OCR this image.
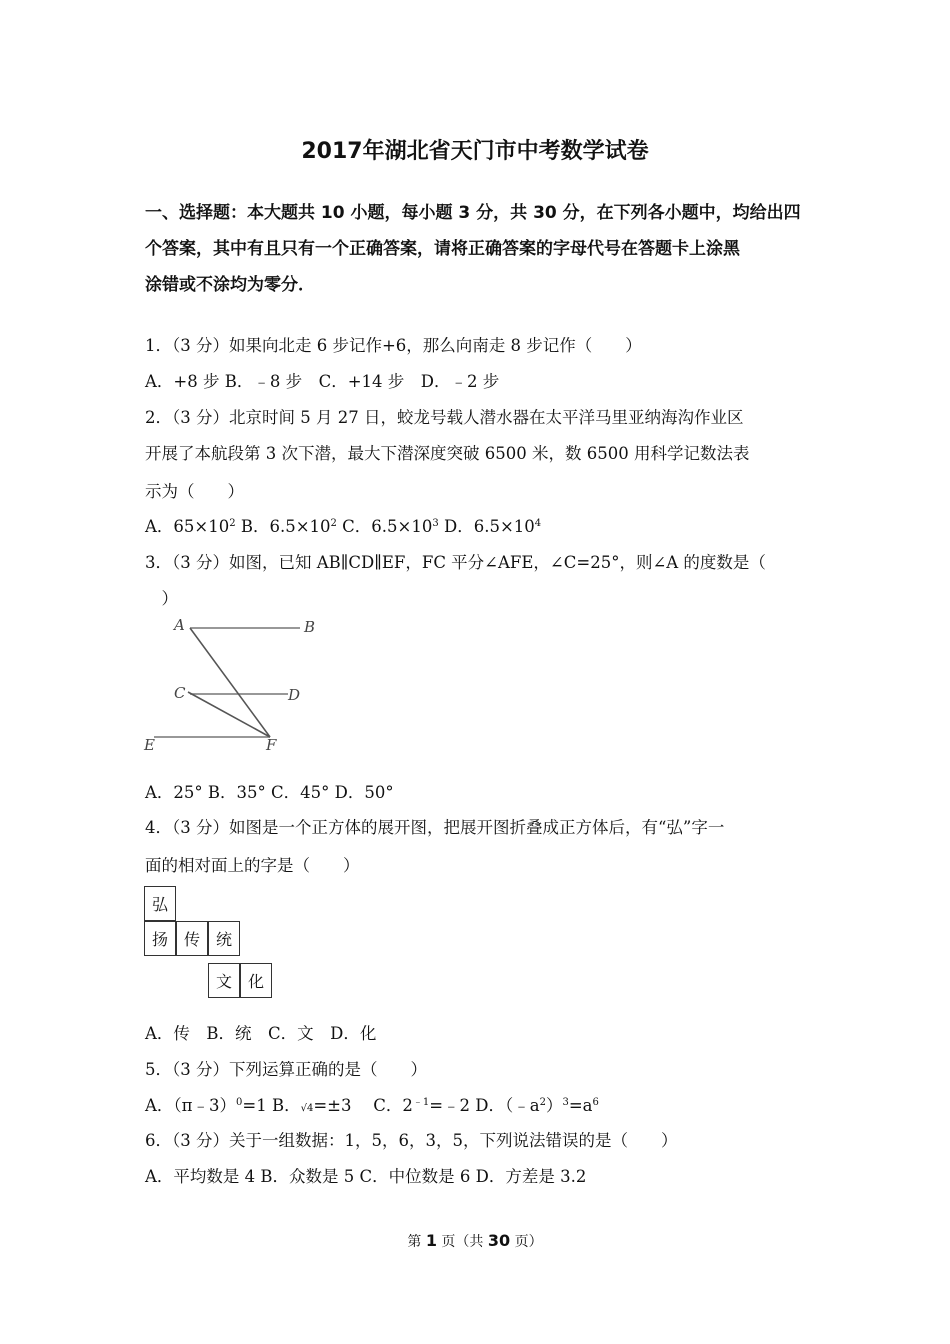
2017年湖北省天门市中考数学试卷
一、选择题：本大题共 10 小题，每小题 3 分，共 30 分，在下列各小题中，均给出四
个答案，其中有且只有一个正确答案，请将正确答案的字母代号在答题卡上涂黑
涂错或不涂均为零分．
1．（3 分）如果向北走 6 步记作+6，那么向南走 8 步记作（　　）
A．+8 步 B．﹣8 步　C．+14 步　D．﹣2 步
2．（3 分）北京时间 5 月 27 日，蛟龙号载人潜水器在太平洋马里亚纳海沟作业区
开展了本航段第 3 次下潜，最大下潜深度突破 6500 米，数 6500 用科学记数法表
示为（　　）
A．$65\times 10^2$ B．$6.5\times 10^2$ C．$6.5\times 10^3$ D．$6.5\times 10^4$
3．（3 分）如图，已知 AB∥CD∥EF，FC 平分∠AFE，∠C=25°，则∠A 的度数是（
　）
A	B
C	D
E	F
A．25° B．35° C．45° D．50°
4．（3 分）如图是一个正方体的展开图，把展开图折叠成正方体后，有“弘”字一
面的相对面上的字是（　　）
弘
扬 传 统
文 化
A．传　B．统　C．文　D．化
5．（3 分）下列运算正确的是（　　）
A．（π﹣3）$^0$=1 B．√4=±3　 C．$2^{﹣1}=﹣2$ D．$(﹣a^2)^3=a^6$
6．（3 分）关于一组数据：1，5，6，3，5，下列说法错误的是（　　）
A．平均数是 4 B．众数是 5 C．中位数是 6 D．方差是 3.2
第 1 页（共 30 页）
